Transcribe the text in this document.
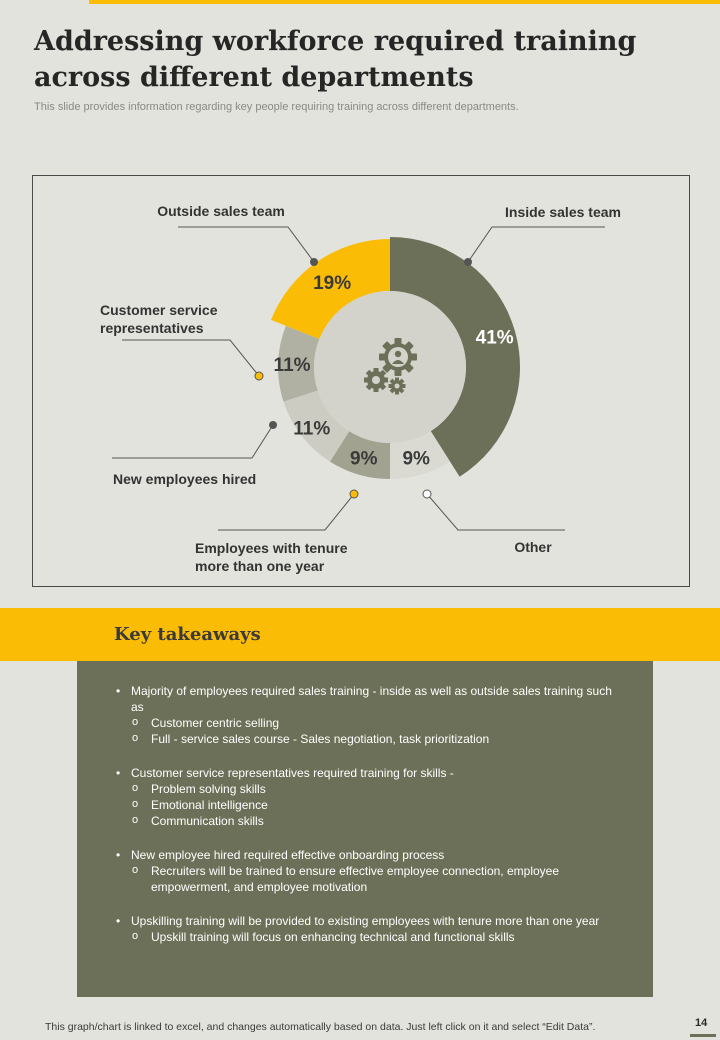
Addressing workforce required training across different departments
This slide provides information regarding key people requiring training across different departments.
41%
9%
9%
11%
11%
19%
Outside sales team	Inside sales team
Customer service
representatives
New employees hired
Employees with tenure
more than one year
Other
Key takeaways
• Majority of employees required sales training - inside as well as outside sales training such as
o Customer centric selling
o Full - service sales course - Sales negotiation, task prioritization
• Customer service representatives required training for skills -
o Problem solving skills
o Emotional intelligence
o Communication skills
• New employee hired required effective onboarding process
o Recruiters will be trained to ensure effective employee connection, employee empowerment, and employee motivation
• Upskilling training will be provided to existing employees with tenure more than one year
o Upskill training will focus on enhancing technical and functional skills
This graph/chart is linked to excel, and changes automatically based on data. Just left click on it and select “Edit Data”.	14
